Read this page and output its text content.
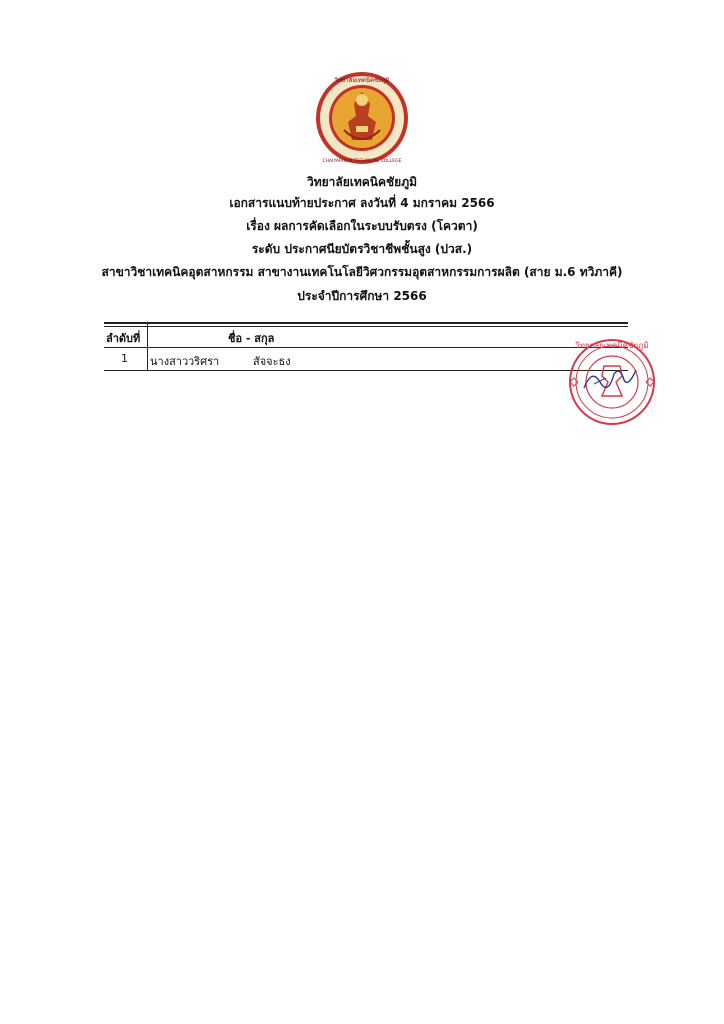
วิทยาลัยเทคนิคชัยภูมิ
CHAIYAPHUM TECHNICAL COLLEGE
วิทยาลัยเทคนิคชัยภูมิ
เอกสารแนบท้ายประกาศ ลงวันที่ 4 มกราคม 2566
เรื่อง ผลการคัดเลือกในระบบรับตรง (โควตา)
ระดับ ประกาศนียบัตรวิชาชีพชั้นสูง (ปวส.)
สาขาวิชาเทคนิคอุตสาหกรรม สาขางานเทคโนโลยีวิศวกรรมอุตสาหกรรมการผลิต (สาย ม.6 ทวิภาคี)
ประจำปีการศึกษา 2566
ลำดับที่	ชื่อ - สกุล
1 นางสาว วริศรา	สัจจะธง
วิทยาลัยเทคนิคชัยภูมิ
